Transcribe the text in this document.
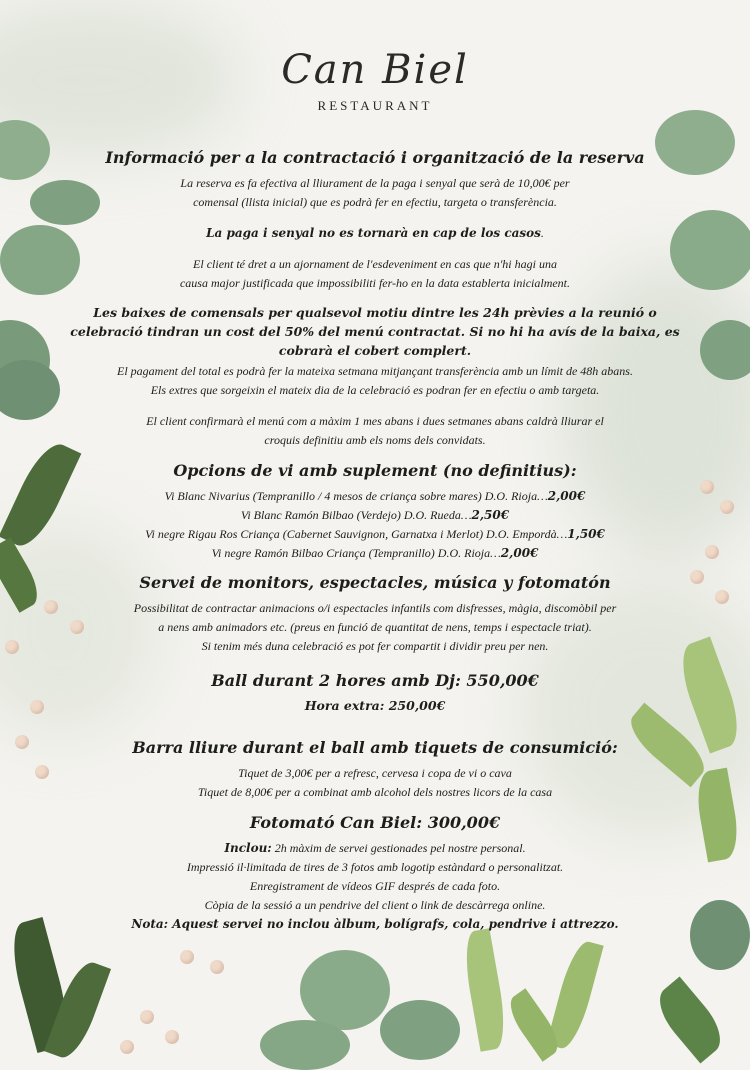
Can Biel
RESTAURANT
Informació per a la contractació i organització de la reserva

La reserva es fa efectiva al lliurament de la paga i senyal que serà de 10,00€ per
comensal (llista inicial) que es podrà fer en efectiu, targeta o transferència.

La paga i senyal no es tornarà en cap de los casos.

El client té dret a un ajornament de l'esdeveniment en cas que n'hi hagi una
causa major justificada que impossibiliti fer-ho en la data establerta inicialment.

Les baixes de comensals per qualsevol motiu dintre les 24h prèvies a la reunió o
celebració tindran un cost del 50% del menú contractat. Si no hi ha avís de la baixa, es
cobrarà el cobert complert.

El pagament del total es podrà fer la mateixa setmana mitjançant transferència amb un límit de 48h abans.
Els extres que sorgeixin el mateix dia de la celebració es podran fer en efectiu o amb targeta.

El client confirmarà el menú com a màxim 1 mes abans i dues setmanes abans caldrà lliurar el
croquis definitiu amb els noms dels convidats.

Opcions de vi amb suplement (no definitius):

Vi Blanc Nivarius (Tempranillo / 4 mesos de criança sobre mares) D.O. Rioja…2,00€
Vi Blanc Ramón Bilbao (Verdejo) D.O. Rueda…2,50€
Vi negre Rigau Ros Criança (Cabernet Sauvignon, Garnatxa i Merlot) D.O. Empordà…1,50€
Vi negre Ramón Bilbao Criança (Tempranillo) D.O. Rioja…2,00€

Servei de monitors, espectacles, música y fotomatón

Possibilitat de contractar animacions o/i espectacles infantils com disfresses, màgia, discomòbil per
a nens amb animadors etc. (preus en funció de quantitat de nens, temps i espectacle triat).
Si tenim més duna celebració es pot fer compartit i dividir preu per nen.

Ball durant 2 hores amb Dj: 550,00€
Hora extra: 250,00€
Barra lliure durant el ball amb tiquets de consumició:

Tiquet de 3,00€ per a refresc, cervesa i copa de vi o cava
Tiquet de 8,00€ per a combinat amb alcohol dels nostres licors de la casa

Fotomató Can Biel: 300,00€

Inclou: 2h màxim de servei gestionades pel nostre personal.
Impressió il·limitada de tires de 3 fotos amb logotip estàndard o personalitzat.
Enregistrament de vídeos GIF després de cada foto.
Còpia de la sessió a un pendrive del client o link de descàrrega online.
Nota: Aquest servei no inclou àlbum, bolígrafs, cola, pendrive i attrezzo.
